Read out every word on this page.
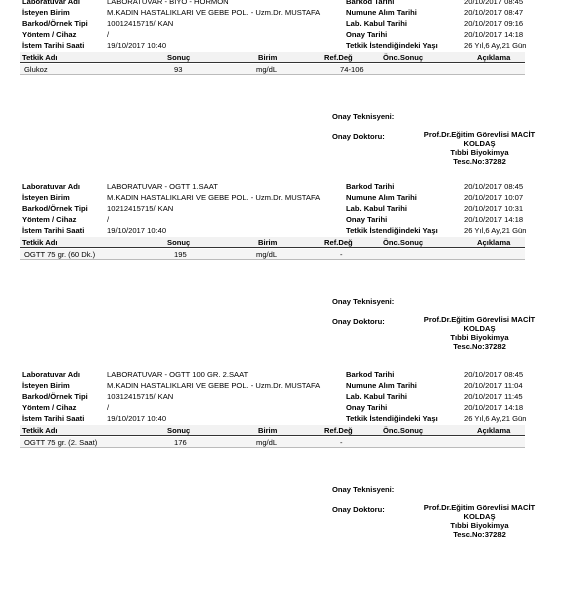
Laboratuvar Adı	LABORATUVAR - BIYO - HORMON
İsteyen Birim	M.KADIN HASTALIKLARI VE GEBE POL. - Uzm.Dr. MUSTAFA
Barkod/Örnek Tipi	10012415715/ KAN
Yöntem / Cihaz	/
İstem Tarihi Saati	19/10/2017 10:40
Barkod Tarihi	20/10/2017 08:45
Numune Alım Tarihi	20/10/2017 08:47
Lab. Kabul Tarihi	20/10/2017 09:16
Onay Tarihi	20/10/2017 14:18
Tetkik İstendiğindeki Yaşı	26 Yıl,6 Ay,21 Gün
Tetkik Adı	Sonuç	Birim	Ref.Değ	Önc.Sonuç	Açıklama
Glukoz	93	mg/dL	74-106
Onay Teknisyeni:
Onay Doktoru:	Prof.Dr.Eğitim Görevlisi MACİT
KOLDAŞ
Tıbbi Biyokimya
Tesc.No:37282
Laboratuvar Adı	LABORATUVAR - OGTT 1.SAAT
İsteyen Birim	M.KADIN HASTALIKLARI VE GEBE POL. - Uzm.Dr. MUSTAFA
Barkod/Örnek Tipi	10212415715/ KAN
Yöntem / Cihaz	/
İstem Tarihi Saati	19/10/2017 10:40
Barkod Tarihi	20/10/2017 08:45
Numune Alım Tarihi	20/10/2017 10:07
Lab. Kabul Tarihi	20/10/2017 10:31
Onay Tarihi	20/10/2017 14:18
Tetkik İstendiğindeki Yaşı	26 Yıl,6 Ay,21 Gün
Tetkik Adı	Sonuç	Birim	Ref.Değ	Önc.Sonuç	Açıklama
OGTT 75 gr. (60 Dk.)	195	mg/dL	-
Onay Teknisyeni:
Onay Doktoru:	Prof.Dr.Eğitim Görevlisi MACİT
KOLDAŞ
Tıbbi Biyokimya
Tesc.No:37282
Laboratuvar Adı	LABORATUVAR - OGTT 100 GR. 2.SAAT
İsteyen Birim	M.KADIN HASTALIKLARI VE GEBE POL. - Uzm.Dr. MUSTAFA
Barkod/Örnek Tipi	10312415715/ KAN
Yöntem / Cihaz	/
İstem Tarihi Saati	19/10/2017 10:40
Barkod Tarihi	20/10/2017 08:45
Numune Alım Tarihi	20/10/2017 11:04
Lab. Kabul Tarihi	20/10/2017 11:45
Onay Tarihi	20/10/2017 14:18
Tetkik İstendiğindeki Yaşı	26 Yıl,6 Ay,21 Gün
Tetkik Adı	Sonuç	Birim	Ref.Değ	Önc.Sonuç	Açıklama
OGTT 75 gr. (2. Saat)	176	mg/dL	-
Onay Teknisyeni:
Onay Doktoru:	Prof.Dr.Eğitim Görevlisi MACİT
KOLDAŞ
Tıbbi Biyokimya
Tesc.No:37282
